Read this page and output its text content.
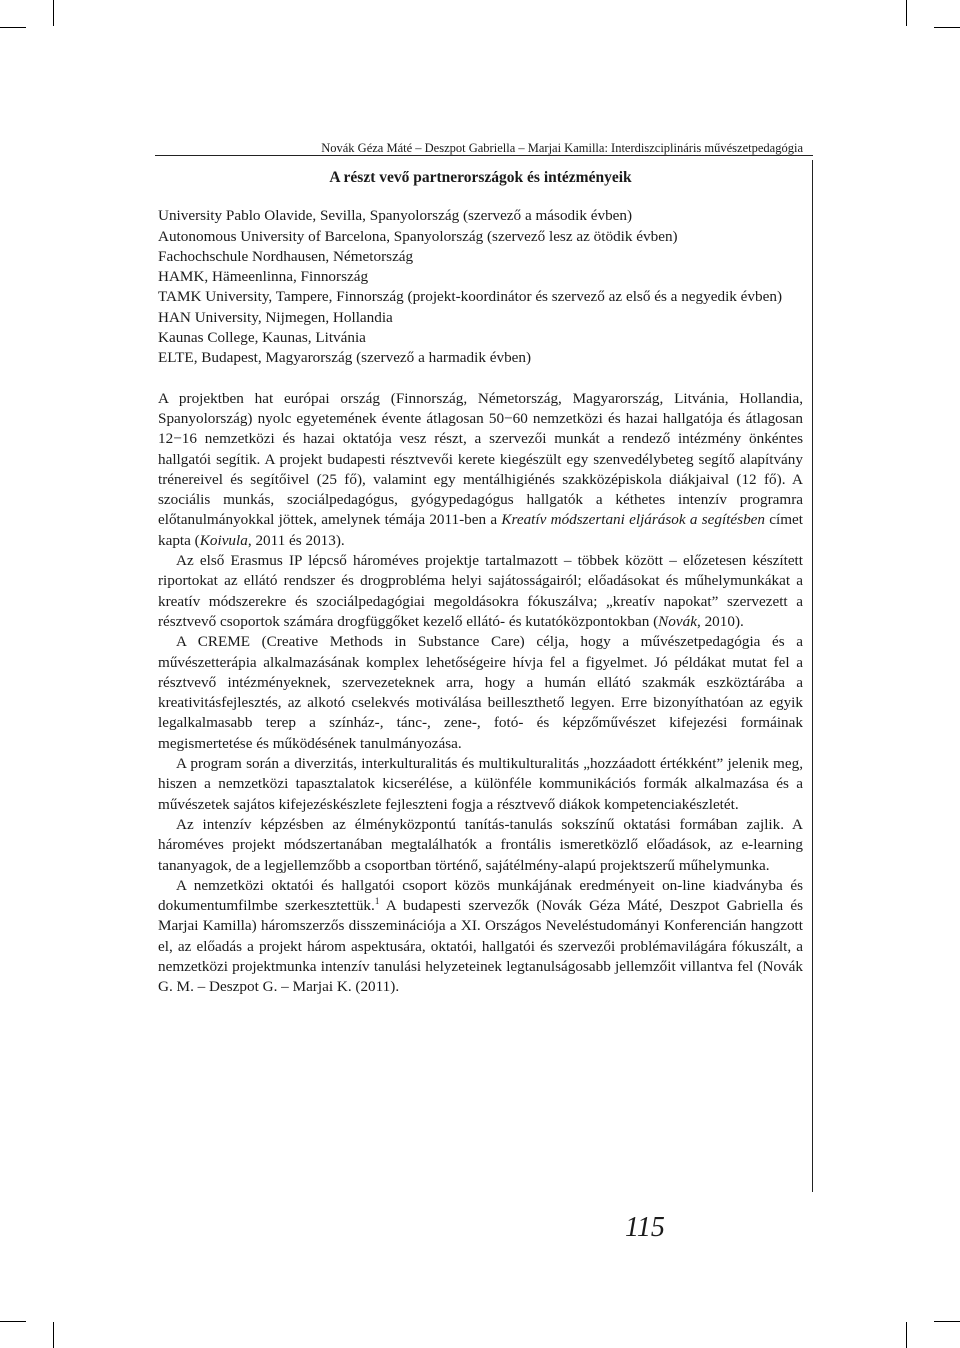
Novák Géza Máté – Deszpot Gabriella – Marjai Kamilla: Interdiszciplináris művészetpedagógia
A részt vevő partnerországok és intézményeik
University Pablo Olavide, Sevilla, Spanyolország (szervező a második évben)
Autonomous University of Barcelona, Spanyolország (szervező lesz az ötödik évben)
Fachochschule Nordhausen, Németország
HAMK, Hämeenlinna, Finnország
TAMK University, Tampere, Finnország (projekt-koordinátor és szervező az első és a negyedik évben)
HAN University, Nijmegen, Hollandia
Kaunas College, Kaunas, Litvánia
ELTE, Budapest, Magyarország (szervező a harmadik évben)

A projektben hat európai ország (Finnország, Németország, Magyarország, Litvánia, Hollandia, Spanyolország) nyolc egyetemének évente átlagosan 50−60 nemzetközi és hazai hallgatója és átlagosan 12−16 nemzetközi és hazai oktatója vesz részt, a szervezői munkát a rendező intézmény önkéntes hallgatói segítik. A projekt budapesti résztvevői kerete kiegészült egy szenvedélybeteg segítő alapítvány trénereivel és segítőivel (25 fő), valamint egy mentálhigiénés szakközépiskola diákjaival (12 fő). A szociális munkás, szociálpedagógus, gyógypedagógus hallgatók a kéthetes intenzív programra előtanulmányokkal jöttek, amelynek témája 2011-ben a Kreatív módszertani eljárások a segítésben címet kapta (Koivula, 2011 és 2013).

Az első Erasmus IP lépcső hároméves projektje tartalmazott – többek között – előzetesen készített riportokat az ellátó rendszer és drogprobléma helyi sajátosságairól; előadásokat és műhelymunkákat a kreatív módszerekre és szociálpedagógiai megoldásokra fókuszálva; „kreatív napokat” szervezett a résztvevő csoportok számára drogfüggőket kezelő ellátó- és kutatóközpontokban (Novák, 2010).

A CREME (Creative Methods in Substance Care) célja, hogy a művészetpedagógia és a művészetterápia alkalmazásának komplex lehetőségeire hívja fel a figyelmet. Jó példákat mutat fel a résztvevő intézményeknek, szervezeteknek arra, hogy a humán ellátó szakmák eszköztárába a kreativitásfejlesztés, az alkotó cselekvés motiválása beilleszthető legyen. Erre bizonyíthatóan az egyik legalkalmasabb terep a színház-, tánc-, zene-, fotó- és képzőművészet kifejezési formáinak megismertetése és működésének tanulmányozása.

A program során a diverzitás, interkulturalitás és multikulturalitás „hozzáadott értékként” jelenik meg, hiszen a nemzetközi tapasztalatok kicserélése, a különféle kommunikációs formák alkalmazása és a művészetek sajátos kifejezéskészlete fejleszteni fogja a résztvevő diákok kompetenciakészletét.

Az intenzív képzésben az élményközpontú tanítás-tanulás sokszínű oktatási formában zajlik. A hároméves projekt módszertanában megtalálhatók a frontális ismeretközlő előadások, az e-learning tananyagok, de a legjellemzőbb a csoportban történő, sajátélmény-alapú projektszerű műhelymunka.

A nemzetközi oktatói és hallgatói csoport közös munkájának eredményeit on-line kiadványba és dokumentumfilmbe szerkesztettük.$^1$ A budapesti szervezők (Novák Géza Máté, Deszpot Gabriella és Marjai Kamilla) háromszerzős disszeminációja a XI. Országos Neveléstudományi Konferencián hangzott el, az előadás a projekt három aspektusára, oktatói, hallgatói és szervezői problémavilágára fókuszált, a nemzetközi projektmunka intenzív tanulási helyzeteinek legtanulságosabb jellemzőit villantva fel (Novák G. M. – Deszpot G. – Marjai K. (2011).

115
